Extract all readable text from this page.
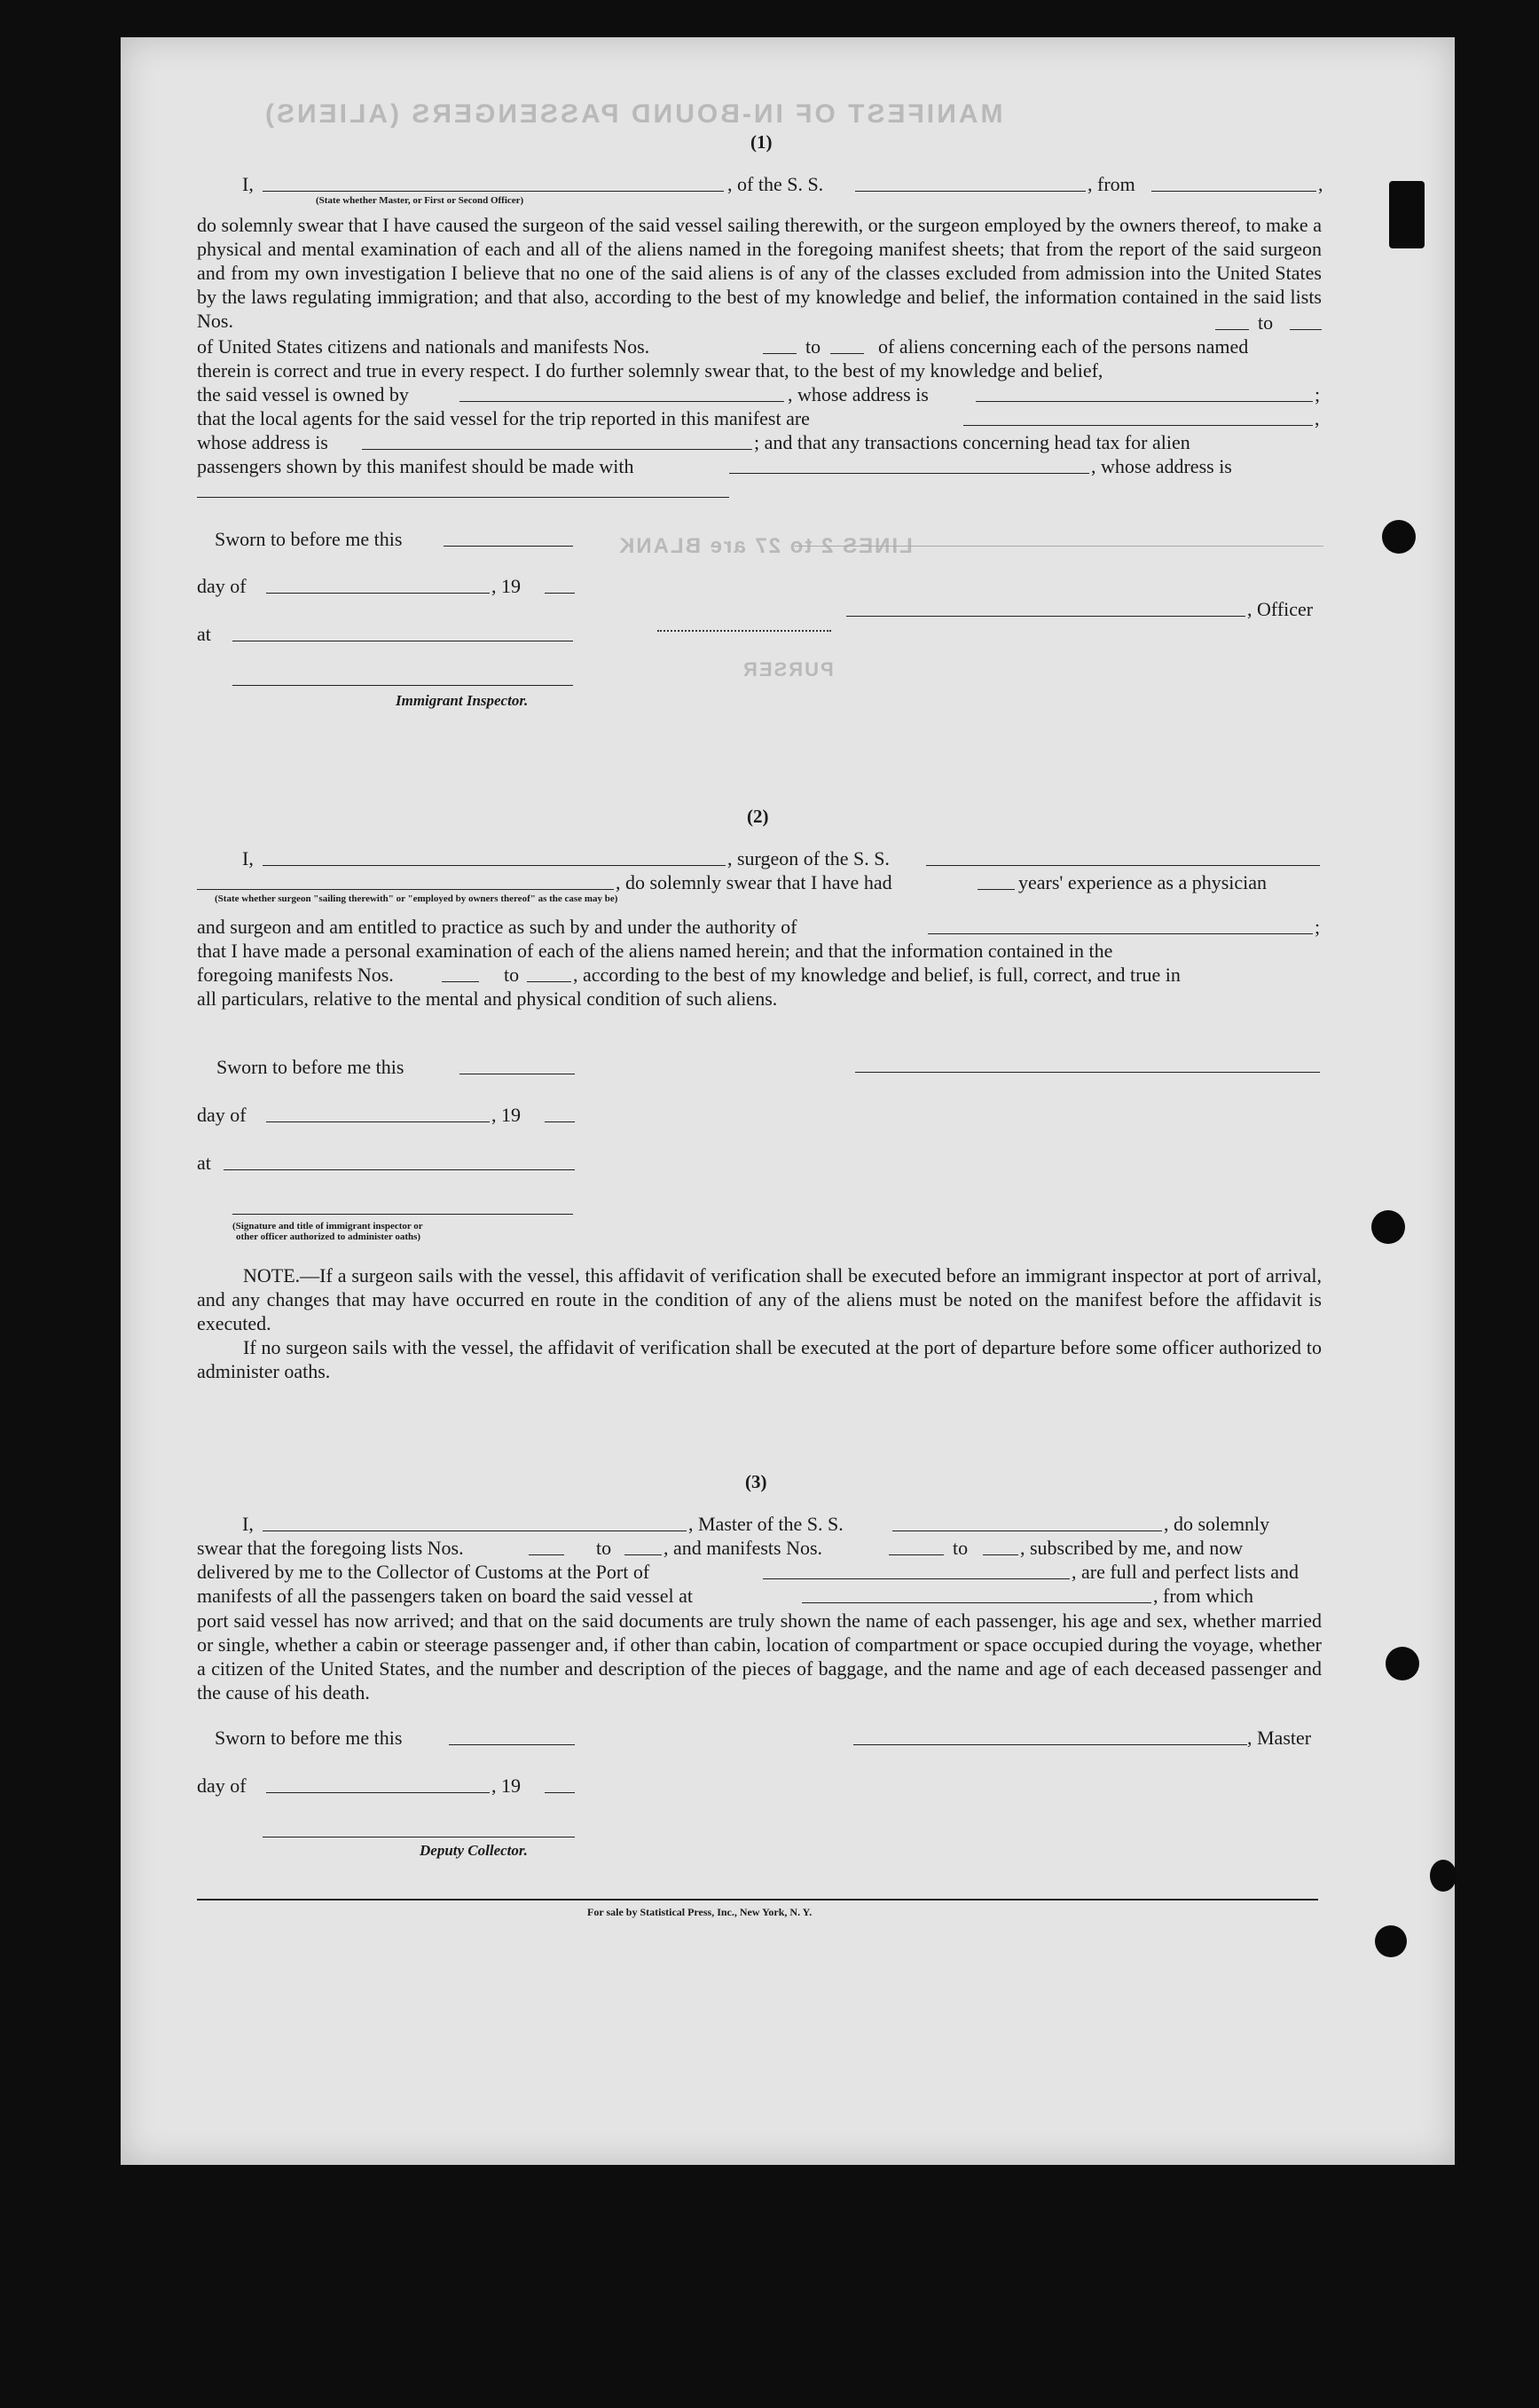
MANIFEST OF IN-BOUND PASSENGERS (ALIENS)
LINES 2 to 27 are BLANK
PURSER
(1)
I,	, of the S. S.	, from	,
(State whether Master, or First or Second Officer)

do solemnly swear that I have caused the surgeon of the said vessel sailing therewith, or the surgeon employed by the owners thereof, to make a physical and mental examination of each and all of the aliens named in the foregoing manifest sheets; that from the report of the said surgeon and from my own investigation I believe that no one of the said aliens is of any of the classes excluded from admission into the United States by the laws regulating immigration; and that also, according to the best of my knowledge and belief, the information contained in the said lists Nos.	to
of United States citizens and nationals and manifests Nos.	to	of aliens concerning each of the persons named
therein is correct and true in every respect. I do further solemnly swear that, to the best of my knowledge and belief,
the said vessel is owned by	, whose address is	;
that the local agents for the said vessel for the trip reported in this manifest are	,
whose address is	; and that any transactions concerning head tax for alien
passengers shown by this manifest should be made with	, whose address is
Sworn to before me this
day of	, 19
, Officer
at
Immigrant Inspector.
(2)
I,	, surgeon of the S. S.
, do solemnly swear that I have had	years' experience as a physician
(State whether surgeon "sailing therewith" or "employed by owners thereof" as the case may be)
and surgeon and am entitled to practice as such by and under the authority of	;
that I have made a personal examination of each of the aliens named herein; and that the information contained in the
foregoing manifests Nos.	to	, according to the best of my knowledge and belief, is full, correct, and true in
all particulars, relative to the mental and physical condition of such aliens.
Sworn to before me this
day of	, 19
at
(Signature and title of immigrant inspector or
other officer authorized to administer oaths)

NOTE.—If a surgeon sails with the vessel, this affidavit of verification shall be executed before an immigrant inspector at port of arrival, and any changes that may have occurred en route in the condition of any of the aliens must be noted on the manifest before the affidavit is executed.

If no surgeon sails with the vessel, the affidavit of verification shall be executed at the port of departure before some officer authorized to administer oaths.

(3)
I,	, Master of the S. S.	, do solemnly
swear that the foregoing lists Nos.	to	, and manifests Nos.	to	, subscribed by me, and now
delivered by me to the Collector of Customs at the Port of	, are full and perfect lists and
manifests of all the passengers taken on board the said vessel at	, from which

port said vessel has now arrived; and that on the said documents are truly shown the name of each passenger, his age and sex, whether married or single, whether a cabin or steerage passenger and, if other than cabin, location of compartment or space occupied during the voyage, whether a citizen of the United States, and the number and description of the pieces of baggage, and the name and age of each deceased passenger and the cause of his death.

Sworn to before me this	, Master
day of	, 19
Deputy Collector.
For sale by Statistical Press, Inc., New York, N. Y.
